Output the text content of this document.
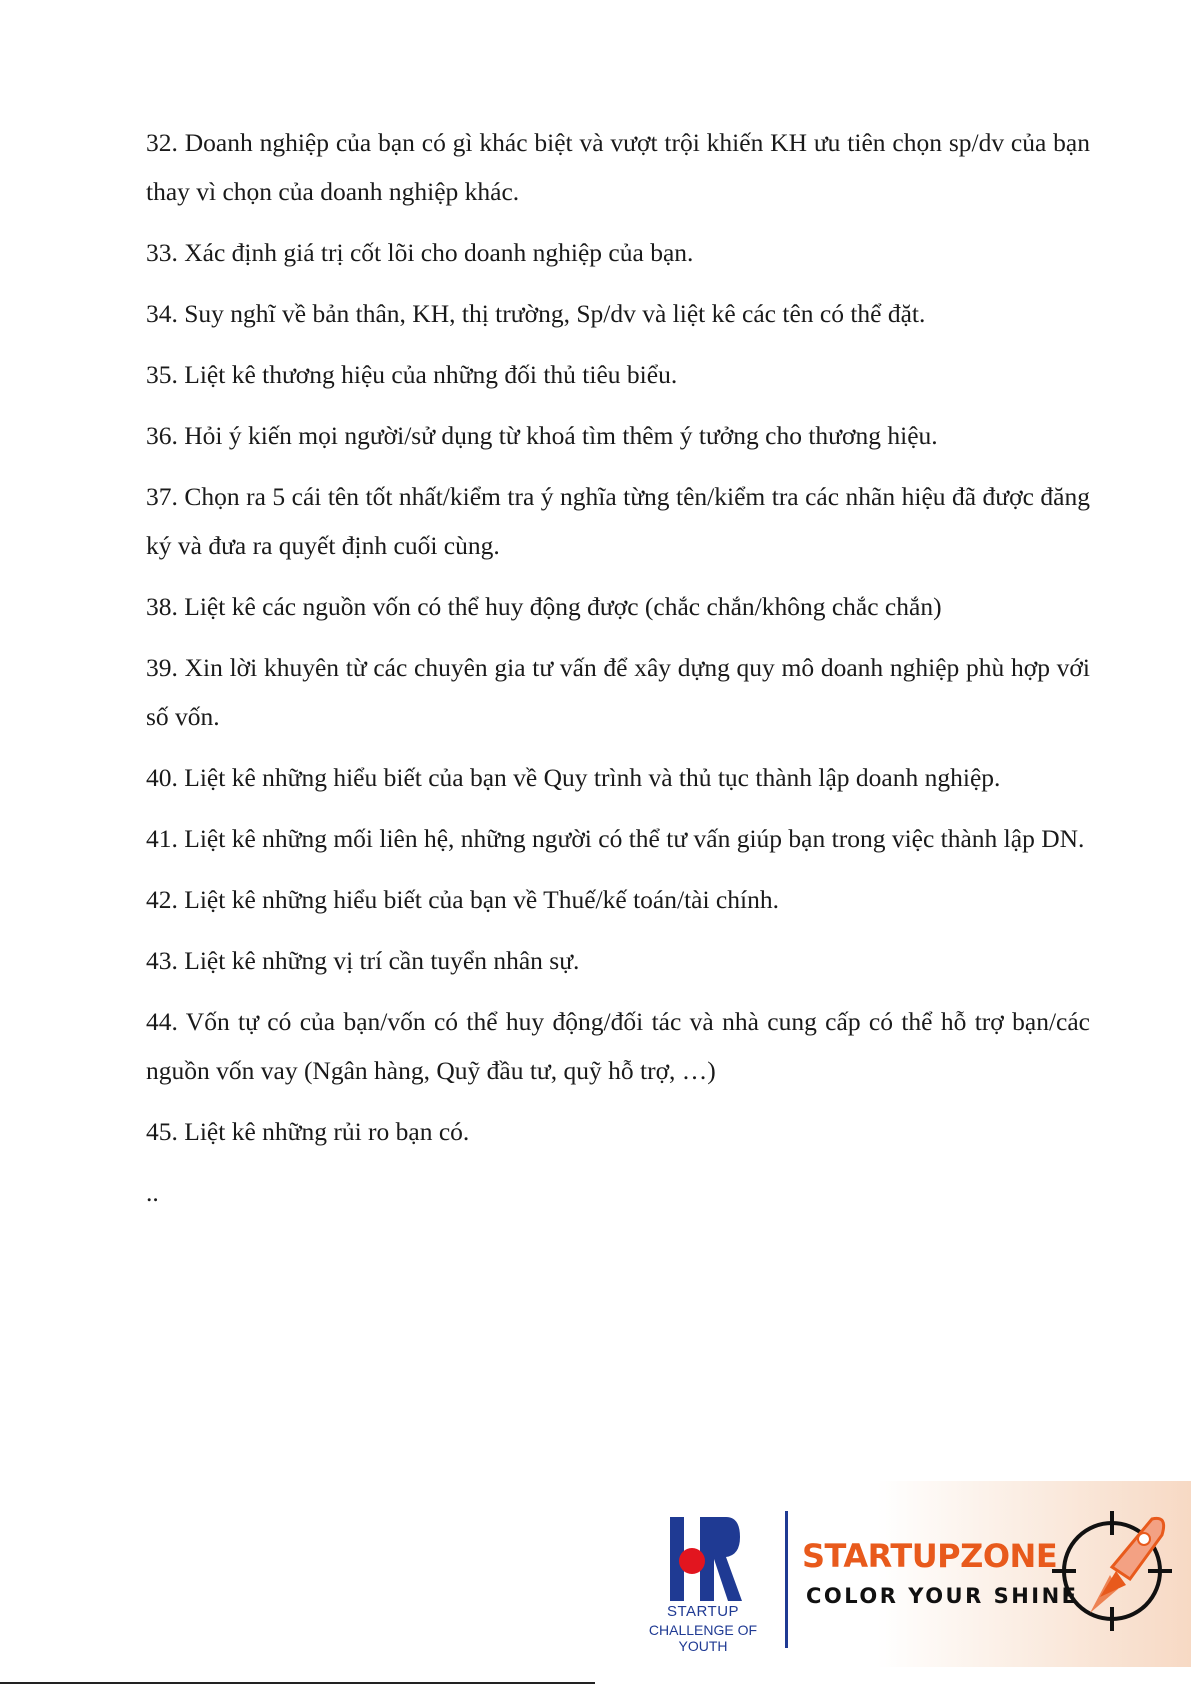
32. Doanh nghiệp của bạn có gì khác biệt và vượt trội khiến KH ưu tiên chọn sp/dv của bạn thay vì chọn của doanh nghiệp khác.
33. Xác định giá trị cốt lõi cho doanh nghiệp của bạn.
34. Suy nghĩ về bản thân, KH, thị trường, Sp/dv và liệt kê các tên có thể đặt.
35. Liệt kê thương hiệu của những đối thủ tiêu biểu.
36. Hỏi ý kiến mọi người/sử dụng từ khoá tìm thêm ý tưởng cho thương hiệu.
37. Chọn ra 5 cái tên tốt nhất/kiểm tra ý nghĩa từng tên/kiểm tra các nhãn hiệu đã được đăng ký và đưa ra quyết định cuối cùng.
38. Liệt kê các nguồn vốn có thể huy động được (chắc chắn/không chắc chắn)
39. Xin lời khuyên từ các chuyên gia tư vấn để xây dựng quy mô doanh nghiệp phù hợp với số vốn.
40. Liệt kê những hiểu biết của bạn về Quy trình và thủ tục thành lập doanh nghiệp.
41. Liệt kê những mối liên hệ, những người có thể tư vấn giúp bạn trong việc thành lập DN.
42. Liệt kê những hiểu biết của bạn về Thuế/kế toán/tài chính.
43. Liệt kê những vị trí cần tuyển nhân sự.
44. Vốn tự có của bạn/vốn có thể huy động/đối tác và nhà cung cấp có thể hỗ trợ bạn/các nguồn vốn vay (Ngân hàng, Quỹ đầu tư, quỹ hỗ trợ, …)
45. Liệt kê những rủi ro bạn có.
..
STARTUP
CHALLENGE OF YOUTH
STARTUPZONE
COLOR YOUR SHINE
